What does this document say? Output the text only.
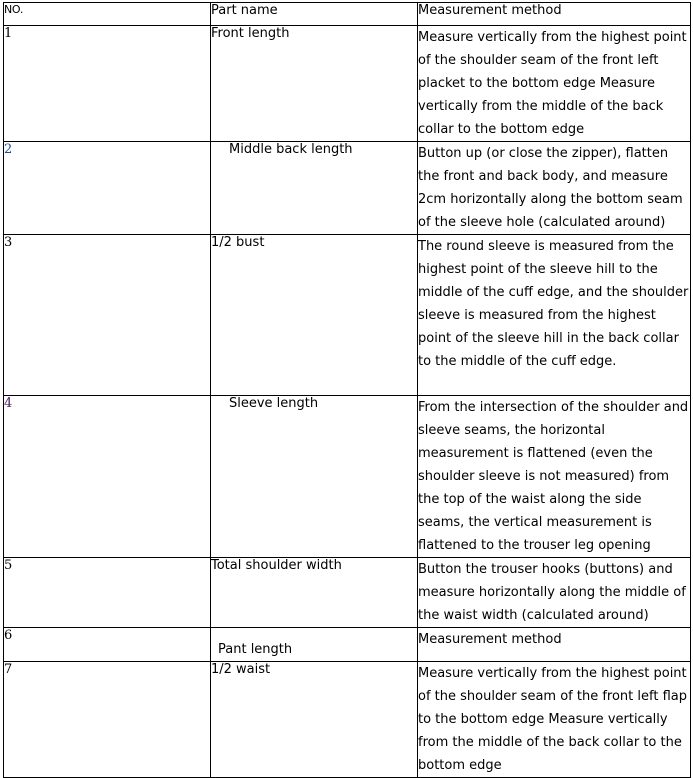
NO.	Part name	Measurement method
1	Front length	Measure vertically from the highest point of the shoulder seam of the front left placket to the bottom edge Measure vertically from the middle of the back collar to the bottom edge

2	Middle back length	Button up (or close the zipper), flatten the front and back body, and measure 2cm horizontally along the bottom seam of the sleeve hole (calculated around)

3	1/2 bust	The round sleeve is measured from the highest point of the sleeve hill to the middle of the cuff edge, and the shoulder sleeve is measured from the highest point of the sleeve hill in the back collar to the middle of the cuff edge.

4	Sleeve length	From the intersection of the shoulder and sleeve seams, the horizontal measurement is flattened (even the shoulder sleeve is not measured) from the top of the waist along the side seams, the vertical measurement is flattened to the trouser leg opening

5	Total shoulder width	Button the trouser hooks (buttons) and measure horizontally along the middle of the waist width (calculated around)

6	Pant length	Measurement method

7	1/2 waist	Measure vertically from the highest point of the shoulder seam of the front left flap to the bottom edge Measure vertically from the middle of the back collar to the bottom edge
